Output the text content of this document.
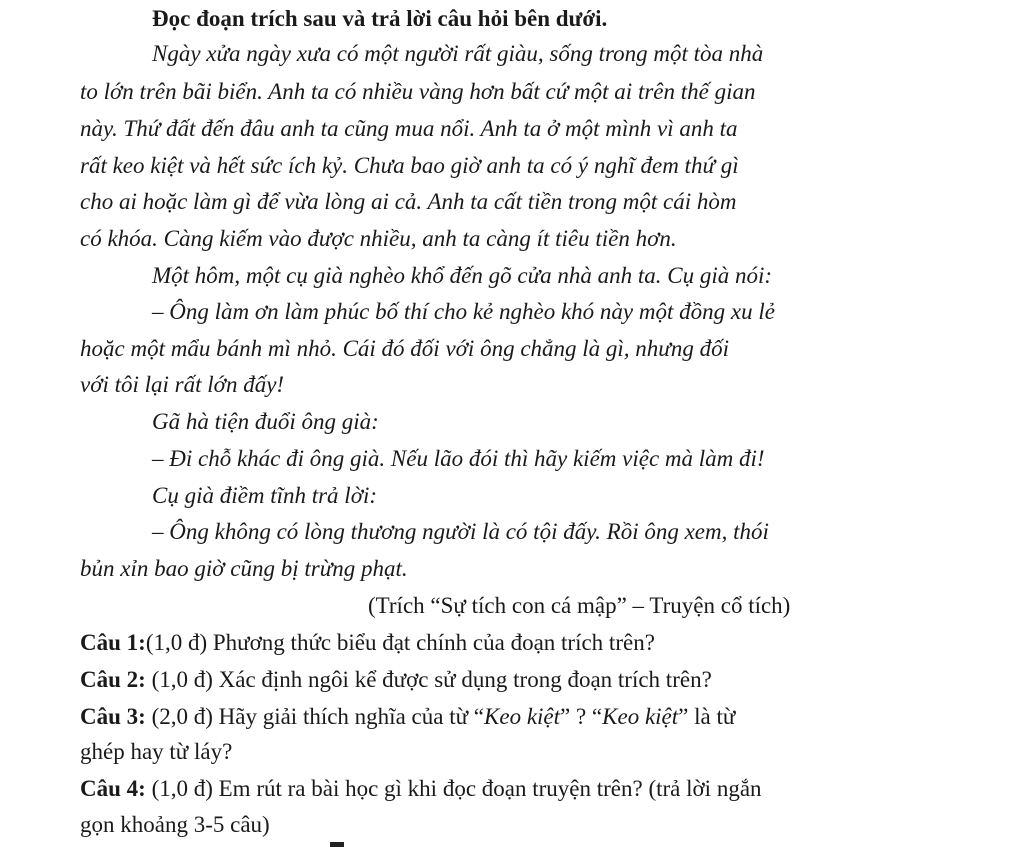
Đọc đoạn trích sau và trả lời câu hỏi bên dưới.
Ngày xửa ngày xưa có một người rất giàu, sống trong một tòa nhà
to lớn trên bãi biển. Anh ta có nhiều vàng hơn bất cứ một ai trên thế gian
này. Thứ đất đến đâu anh ta cũng mua nổi. Anh ta ở một mình vì anh ta
rất keo kiệt và hết sức ích kỷ. Chưa bao giờ anh ta có ý nghĩ đem thứ gì
cho ai hoặc làm gì để vừa lòng ai cả. Anh ta cất tiền trong một cái hòm
có khóa. Càng kiếm vào được nhiều, anh ta càng ít tiêu tiền hơn.
Một hôm, một cụ già nghèo khổ đến gõ cửa nhà anh ta. Cụ già nói:
– Ông làm ơn làm phúc bố thí cho kẻ nghèo khó này một đồng xu lẻ
hoặc một mẩu bánh mì nhỏ. Cái đó đối với ông chẳng là gì, nhưng đối
với tôi lại rất lớn đấy!
Gã hà tiện đuổi ông già:
– Đi chỗ khác đi ông già. Nếu lão đói thì hãy kiếm việc mà làm đi!
Cụ già điềm tĩnh trả lời:
– Ông không có lòng thương người là có tội đấy. Rồi ông xem, thói
bủn xỉn bao giờ cũng bị trừng phạt.
(Trích “Sự tích con cá mập” – Truyện cổ tích)
Câu 1:(1,0 đ) Phương thức biểu đạt chính của đoạn trích trên?
Câu 2: (1,0 đ) Xác định ngôi kể được sử dụng trong đoạn trích trên?
Câu 3: (2,0 đ) Hãy giải thích nghĩa của từ “Keo kiệt” ? “Keo kiệt” là từ
ghép hay từ láy?
Câu 4: (1,0 đ) Em rút ra bài học gì khi đọc đoạn truyện trên? (trả lời ngắn
gọn khoảng 3-5 câu)
